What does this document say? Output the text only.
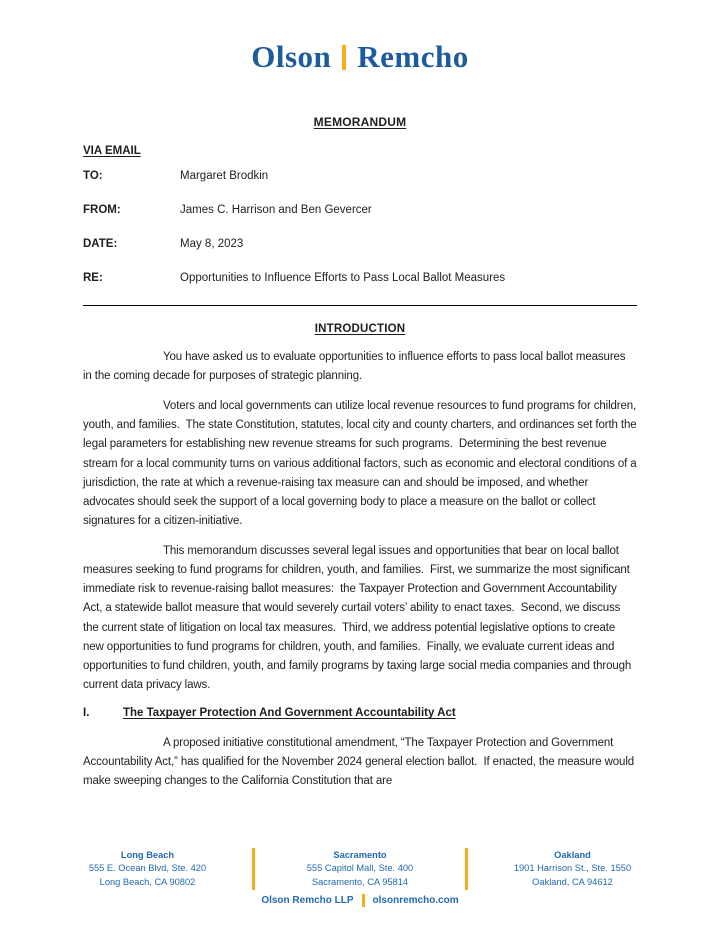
Olson Remcho
MEMORANDUM
VIA EMAIL
TO:	Margaret Brodkin
FROM:	James C. Harrison and Ben Gevercer
DATE:	May 8, 2023
RE:	Opportunities to Influence Efforts to Pass Local Ballot Measures
INTRODUCTION

You have asked us to evaluate opportunities to influence efforts to pass local ballot measures in the coming decade for purposes of strategic planning.

Voters and local governments can utilize local revenue resources to fund programs for children, youth, and families.  The state Constitution, statutes, local city and county charters, and ordinances set forth the legal parameters for establishing new revenue streams for such programs.  Determining the best revenue stream for a local community turns on various additional factors, such as economic and electoral conditions of a jurisdiction, the rate at which a revenue-raising tax measure can and should be imposed, and whether advocates should seek the support of a local governing body to place a measure on the ballot or collect signatures for a citizen-initiative.

This memorandum discusses several legal issues and opportunities that bear on local ballot measures seeking to fund programs for children, youth, and families.  First, we summarize the most significant immediate risk to revenue-raising ballot measures:  the Taxpayer Protection and Government Accountability Act, a statewide ballot measure that would severely curtail voters’ ability to enact taxes.  Second, we discuss the current state of litigation on local tax measures.  Third, we address potential legislative options to create new opportunities to fund programs for children, youth, and families.  Finally, we evaluate current ideas and opportunities to fund children, youth, and family programs by taxing large social media companies and through current data privacy laws.

I.	The Taxpayer Protection And Government Accountability Act

A proposed initiative constitutional amendment, “The Taxpayer Protection and Government Accountability Act,” has qualified for the November 2024 general election ballot.  If enacted, the measure would make sweeping changes to the California Constitution that are

Long Beach
555 E. Ocean Blvd, Ste. 420
Long Beach, CA 90802
Sacramento
555 Capitol Mall, Ste. 400
Sacramento, CA 95814
Oakland
1901 Harrison St., Ste. 1550
Oakland, CA 94612
Olson Remcho LLP olsonremcho.com
